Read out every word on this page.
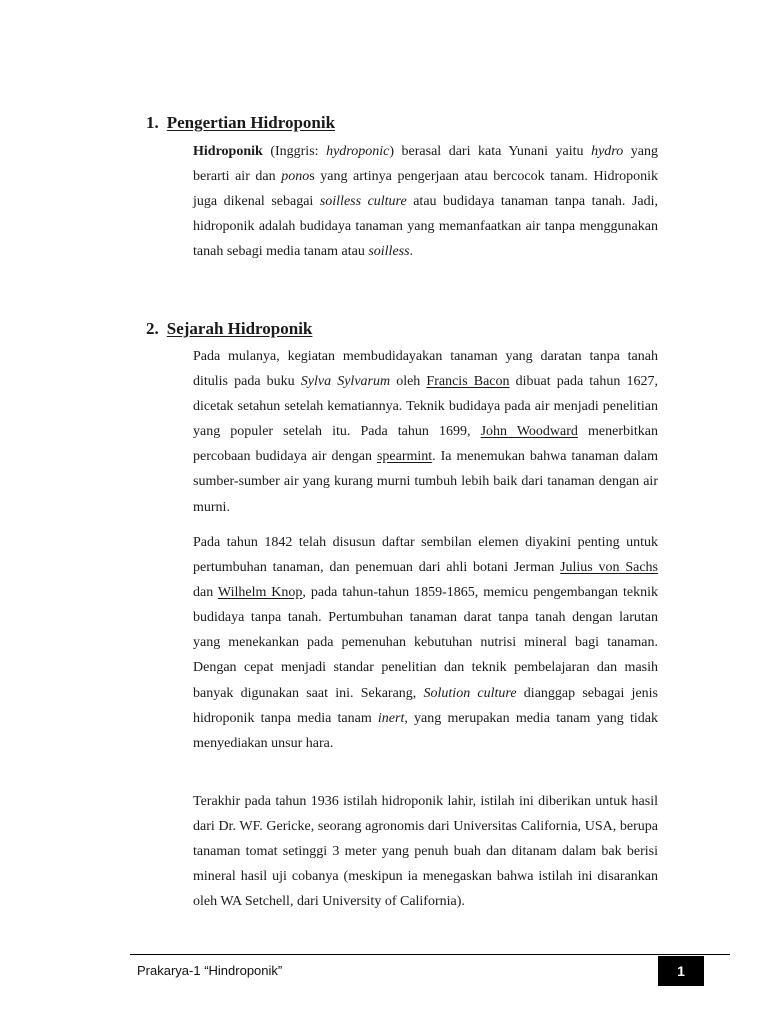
1. Pengertian Hidroponik

Hidroponik (Inggris: hydroponic) berasal dari kata Yunani yaitu hydro yang berarti air dan ponos yang artinya pengerjaan atau bercocok tanam. Hidroponik juga dikenal sebagai soilless culture atau budidaya tanaman tanpa tanah. Jadi, hidroponik adalah budidaya tanaman yang memanfaatkan air tanpa menggunakan tanah sebagi media tanam atau soilless.

2. Sejarah Hidroponik

Pada mulanya, kegiatan membudidayakan tanaman yang daratan tanpa tanah ditulis pada buku Sylva Sylvarum oleh Francis Bacon dibuat pada tahun 1627, dicetak setahun setelah kematiannya. Teknik budidaya pada air menjadi penelitian yang populer setelah itu. Pada tahun 1699, John Woodward menerbitkan percobaan budidaya air dengan spearmint. Ia menemukan bahwa tanaman dalam sumber-sumber air yang kurang murni tumbuh lebih baik dari tanaman dengan air murni.

Pada tahun 1842 telah disusun daftar sembilan elemen diyakini penting untuk pertumbuhan tanaman, dan penemuan dari ahli botani Jerman Julius von Sachs dan Wilhelm Knop, pada tahun-tahun 1859-1865, memicu pengembangan teknik budidaya tanpa tanah. Pertumbuhan tanaman darat tanpa tanah dengan larutan yang menekankan pada pemenuhan kebutuhan nutrisi mineral bagi tanaman. Dengan cepat menjadi standar penelitian dan teknik pembelajaran dan masih banyak digunakan saat ini. Sekarang, Solution culture dianggap sebagai jenis hidroponik tanpa media tanam inert, yang merupakan media tanam yang tidak menyediakan unsur hara.

Terakhir pada tahun 1936 istilah hidroponik lahir, istilah ini diberikan untuk hasil dari Dr. WF. Gericke, seorang agronomis dari Universitas California, USA, berupa tanaman tomat setinggi 3 meter yang penuh buah dan ditanam dalam bak berisi mineral hasil uji cobanya (meskipun ia menegaskan bahwa istilah ini disarankan oleh WA Setchell, dari University of California).

Prakarya-1 “Hindroponik”	1
